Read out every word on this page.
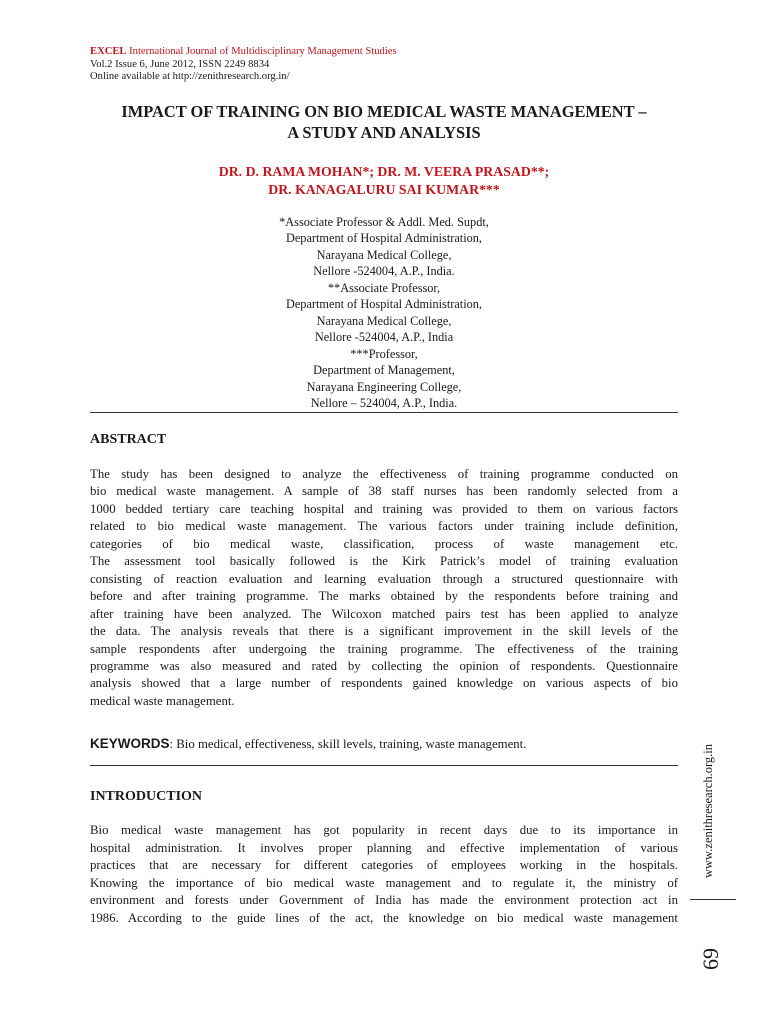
EXCEL International Journal of Multidisciplinary Management Studies
Vol.2 Issue 6, June 2012, ISSN 2249 8834
Online available at http://zenithresearch.org.in/
IMPACT OF TRAINING ON BIO MEDICAL WASTE MANAGEMENT –
A STUDY AND ANALYSIS
DR. D. RAMA MOHAN*; DR. M. VEERA PRASAD**;
DR. KANAGALURU SAI KUMAR***
*Associate Professor & Addl. Med. Supdt,
Department of Hospital Administration,
Narayana Medical College,
Nellore -524004, A.P., India.
**Associate Professor,
Department of Hospital Administration,
Narayana Medical College,
Nellore -524004, A.P., India
***Professor,
Department of Management,
Narayana Engineering College,
Nellore – 524004, A.P., India.
ABSTRACT
The study has been designed to analyze the effectiveness of training programme conducted on
bio medical waste management. A sample of 38 staff nurses has been randomly selected from a
1000 bedded tertiary care teaching hospital and training was provided to them on various factors
related to bio medical waste management. The various factors under training include definition,
categories of bio medical waste, classification, process of waste management etc.
The assessment tool basically followed is the Kirk Patrick’s model of training evaluation
consisting of reaction evaluation and learning evaluation through a structured questionnaire with
before and after training programme. The marks obtained by the respondents before training and
after training have been analyzed. The Wilcoxon matched pairs test has been applied to analyze
the data. The analysis reveals that there is a significant improvement in the skill levels of the
sample respondents after undergoing the training programme. The effectiveness of the training
programme was also measured and rated by collecting the opinion of respondents. Questionnaire
analysis showed that a large number of respondents gained knowledge on various aspects of bio
medical waste management.
KEYWORDS: Bio medical, effectiveness, skill levels, training, waste management.
INTRODUCTION
Bio medical waste management has got popularity in recent days due to its importance in
hospital administration. It involves proper planning and effective implementation of various
practices that are necessary for different categories of employees working in the hospitals.
Knowing the importance of bio medical waste management and to regulate it, the ministry of
environment and forests under Government of India has made the environment protection act in
1986. According to the guide lines of the act, the knowledge on bio medical waste management
www.zenithresearch.org.in
69
